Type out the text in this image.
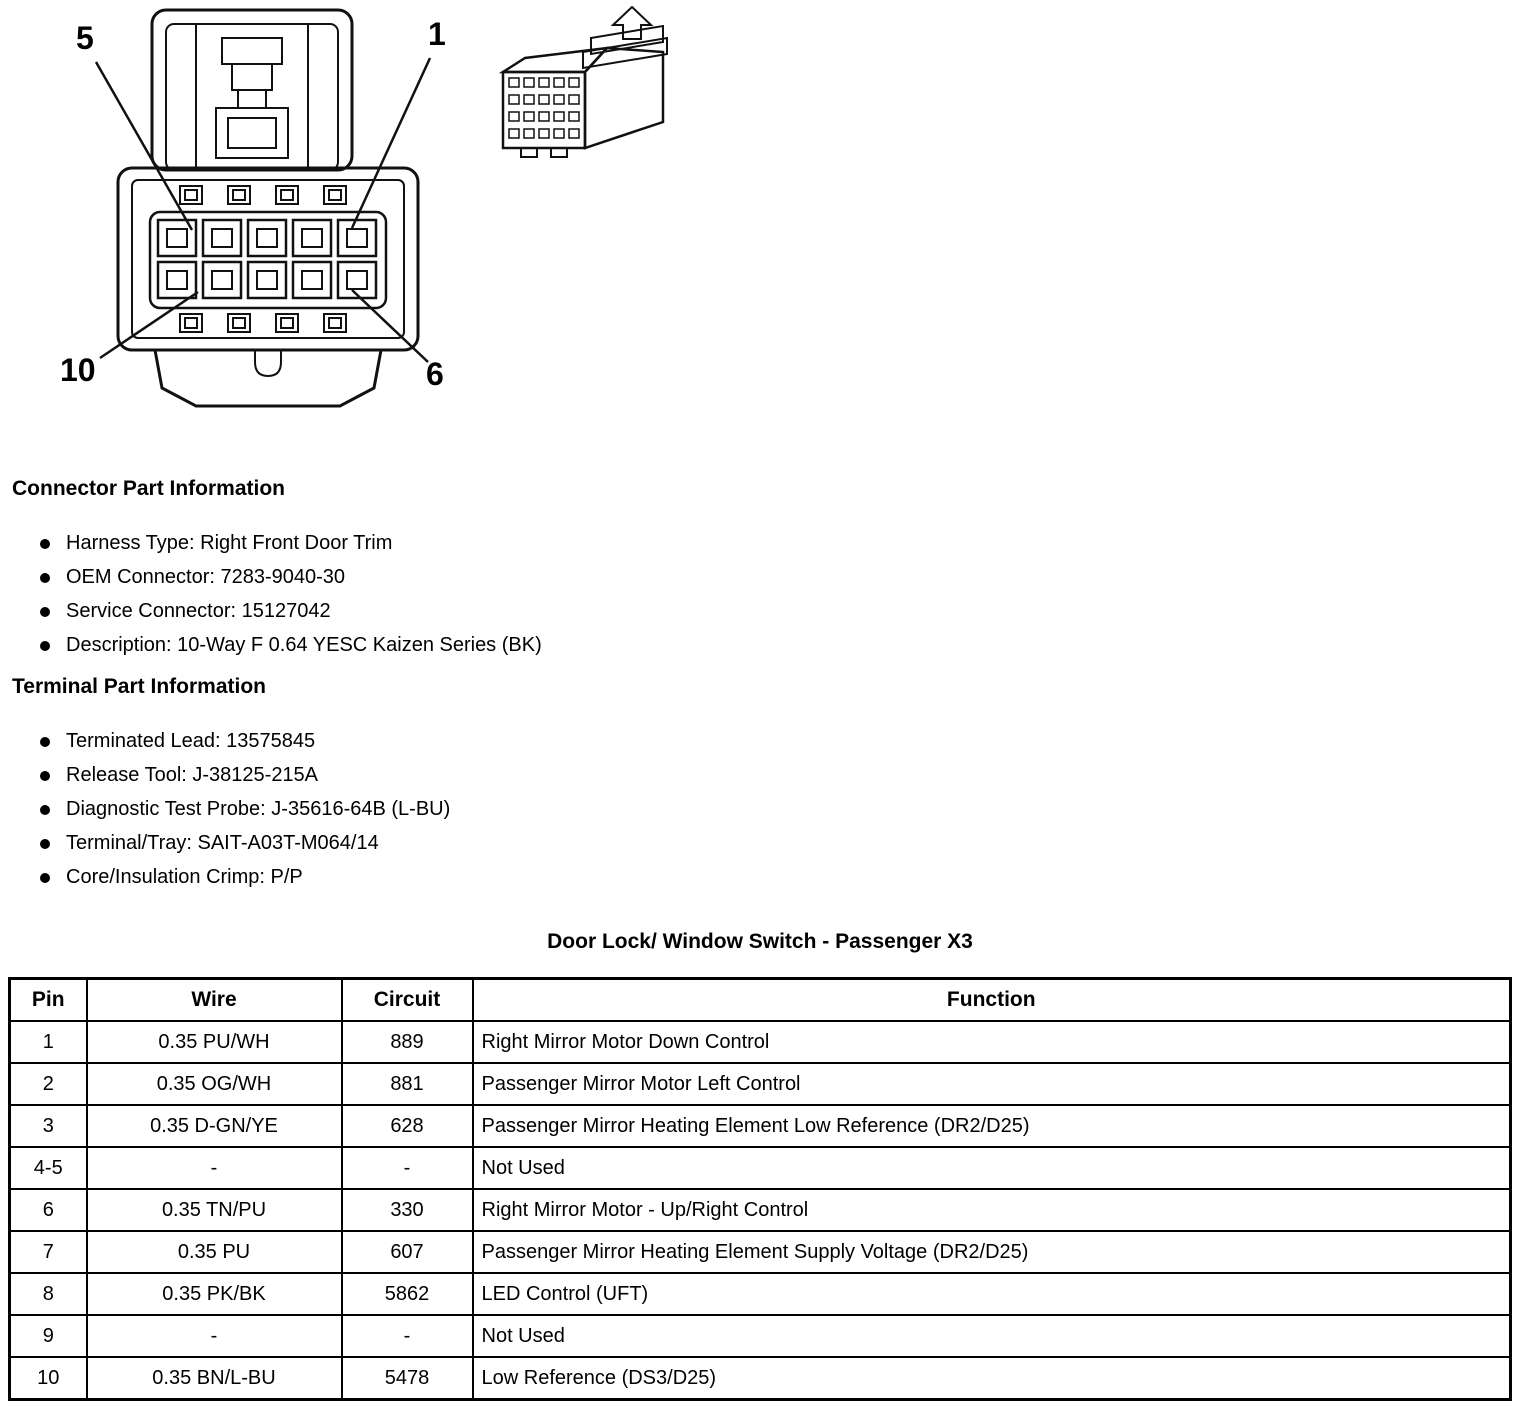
5	1
10	6
Connector Part Information
Harness Type: Right Front Door Trim
OEM Connector: 7283-9040-30
Service Connector: 15127042
Description: 10-Way F 0.64 YESC Kaizen Series (BK)
Terminal Part Information
Terminated Lead: 13575845
Release Tool: J-38125-215A
Diagnostic Test Probe: J-35616-64B (L-BU)
Terminal/Tray: SAIT-A03T-M064/14
Core/Insulation Crimp: P/P
Door Lock/ Window Switch - Passenger X3
Pin	Wire	Circuit	Function
1	0.35 PU/WH	889	Right Mirror Motor Down Control
2	0.35 OG/WH	881	Passenger Mirror Motor Left Control
3	0.35 D-GN/YE	628	Passenger Mirror Heating Element Low Reference (DR2/D25)
4-5	-	-	Not Used
6	0.35 TN/PU	330	Right Mirror Motor - Up/Right Control
7	0.35 PU	607	Passenger Mirror Heating Element Supply Voltage (DR2/D25)
8	0.35 PK/BK	5862	LED Control (UFT)
9	-	-	Not Used
10	0.35 BN/L-BU	5478	Low Reference (DS3/D25)
